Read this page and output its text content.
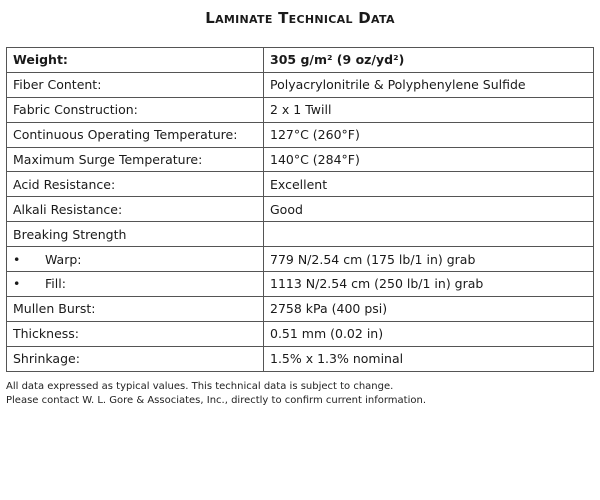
Laminate Technical Data
Weight:	305 g/m² (9 oz/yd²)
Fiber Content:	Polyacrylonitrile & Polyphenylene Sulfide
Fabric Construction:	2 x 1 Twill
Continuous Operating Temperature:	127°C (260°F)
Maximum Surge Temperature:	140°C (284°F)
Acid Resistance:	Excellent
Alkali Resistance:	Good
Breaking Strength	
• Warp:	779 N/2.54 cm (175 lb/1 in) grab
• Fill:	1113 N/2.54 cm (250 lb/1 in) grab
Mullen Burst:	2758 kPa (400 psi)
Thickness:	0.51 mm (0.02 in)
Shrinkage:	1.5% x 1.3% nominal
All data expressed as typical values. This technical data is subject to change.
Please contact W. L. Gore & Associates, Inc., directly to confirm current information.
